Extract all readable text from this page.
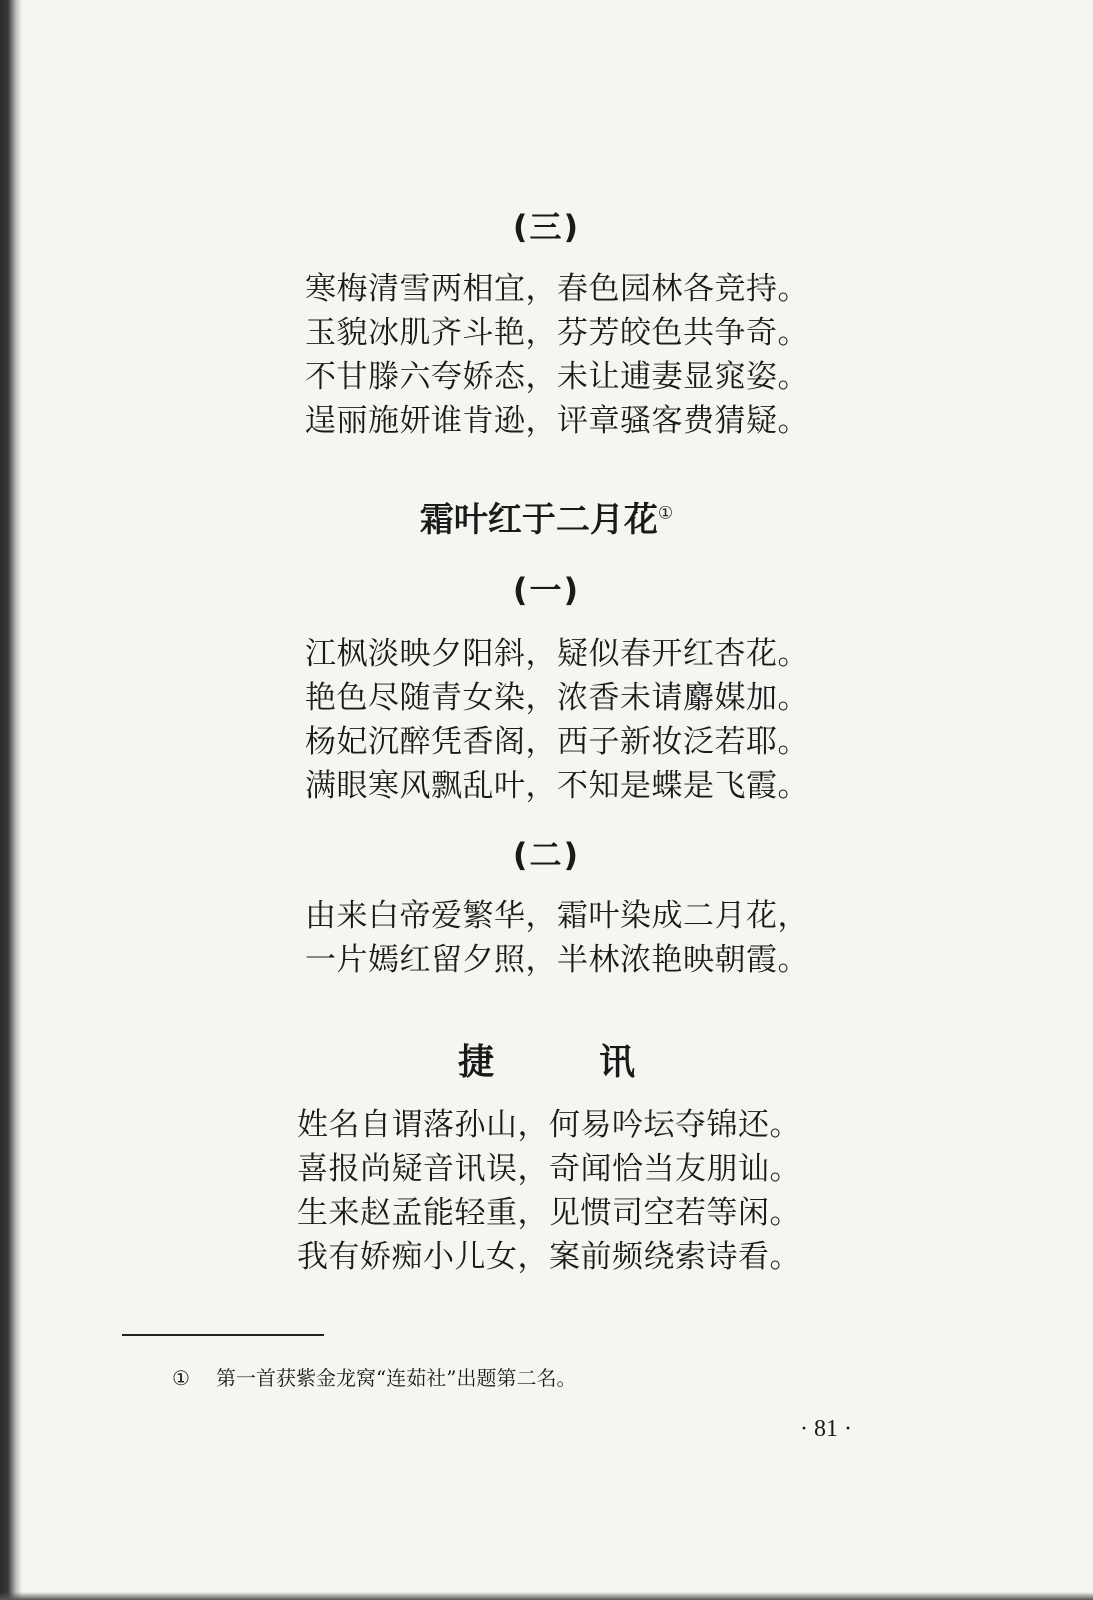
(三)
寒梅清雪两相宜，春色园林各竞持。
玉貌冰肌齐斗艳，芬芳皎色共争奇。
不甘滕六夸娇态，未让逋妻显窕姿。
逞丽施妍谁肯逊，评章骚客费猜疑。
霜叶红于二月花①
(一)
江枫淡映夕阳斜，疑似春开红杏花。
艳色尽随青女染，浓香未请麝媒加。
杨妃沉醉凭香阁，西子新妆泛若耶。
满眼寒风飘乱叶，不知是蝶是飞霞。
(二)
由来白帝爱繁华，霜叶染成二月花，
一片嫣红留夕照，半林浓艳映朝霞。
捷	讯
姓名自谓落孙山，何易吟坛夺锦还。
喜报尚疑音讯误，奇闻恰当友朋讪。
生来赵孟能轻重，见惯司空若等闲。
我有娇痴小儿女，案前频绕索诗看。
① 第一首获紫金龙窝“连茹社”出题第二名。
· 81 ·
